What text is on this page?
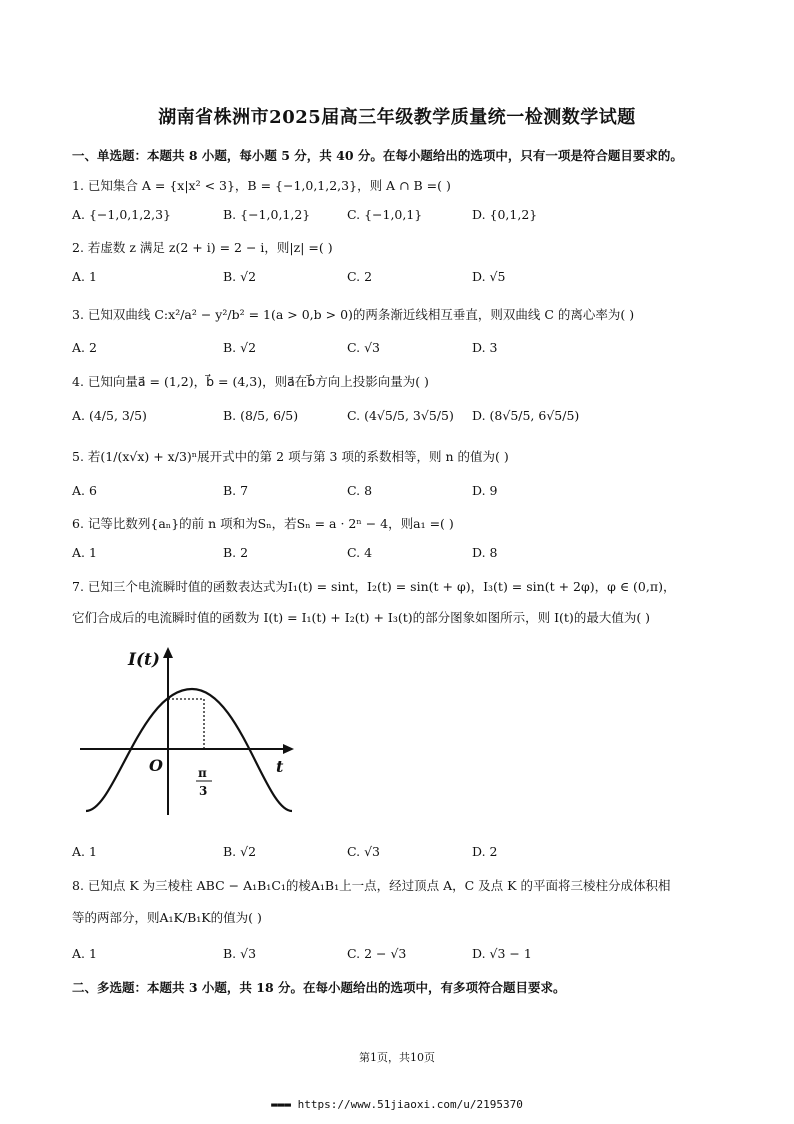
湖南省株洲市2025届高三年级教学质量统一检测数学试题
一、单选题：本题共 8 小题，每小题 5 分，共 40 分。在每小题给出的选项中，只有一项是符合题目要求的。
1. 已知集合 A = {x|x² < 3}，B = {−1,0,1,2,3}，则 A ∩ B =( )
A. {−1,0,1,2,3}	B. {−1,0,1,2}	C. {−1,0,1}	D. {0,1,2}
2. 若虚数 z 满足 z(2 + i) = 2 − i，则|z| =( )
A. 1	B. √2	C. 2	D. √5
3. 已知双曲线 C:x²/a² − y²/b² = 1(a > 0,b > 0)的两条渐近线相互垂直，则双曲线 C 的离心率为( )
A. 2	B. √2	C. √3	D. 3
4. 已知向量a⃗ = (1,2)，b⃗ = (4,3)，则a⃗在b⃗方向上投影向量为( )
A. (4/5, 3/5)	B. (8/5, 6/5)	C. (4√5/5, 3√5/5) D. (8√5/5, 6√5/5)
5. 若(1/(x√x) + x/3)ⁿ展开式中的第 2 项与第 3 项的系数相等，则 n 的值为( )
A. 6	B. 7	C. 8	D. 9
6. 记等比数列{aₙ}的前 n 项和为Sₙ，若Sₙ = a · 2ⁿ − 4，则a₁ =( )
A. 1	B. 2	C. 4	D. 8
7. 已知三个电流瞬时值的函数表达式为I₁(t) = sint，I₂(t) = sin(t + φ)，I₃(t) = sin(t + 2φ)，φ ∈ (0,π)，
它们合成后的电流瞬时值的函数为 I(t) = I₁(t) + I₂(t) + I₃(t)的部分图象如图所示，则 I(t)的最大值为( )
I(t)
t
O	π
3
A. 1	B. √2	C. √3	D. 2
8. 已知点 K 为三棱柱 ABC − A₁B₁C₁的棱A₁B₁上一点，经过顶点 A，C 及点 K 的平面将三棱柱分成体积相
等的两部分，则A₁K/B₁K的值为( )
A. 1	B. √3	C. 2 − √3	D. √3 − 1
二、多选题：本题共 3 小题，共 18 分。在每小题给出的选项中，有多项符合题目要求。
第1页，共10页
▬▬▬ https://www.51jiaoxi.com/u/2195370
